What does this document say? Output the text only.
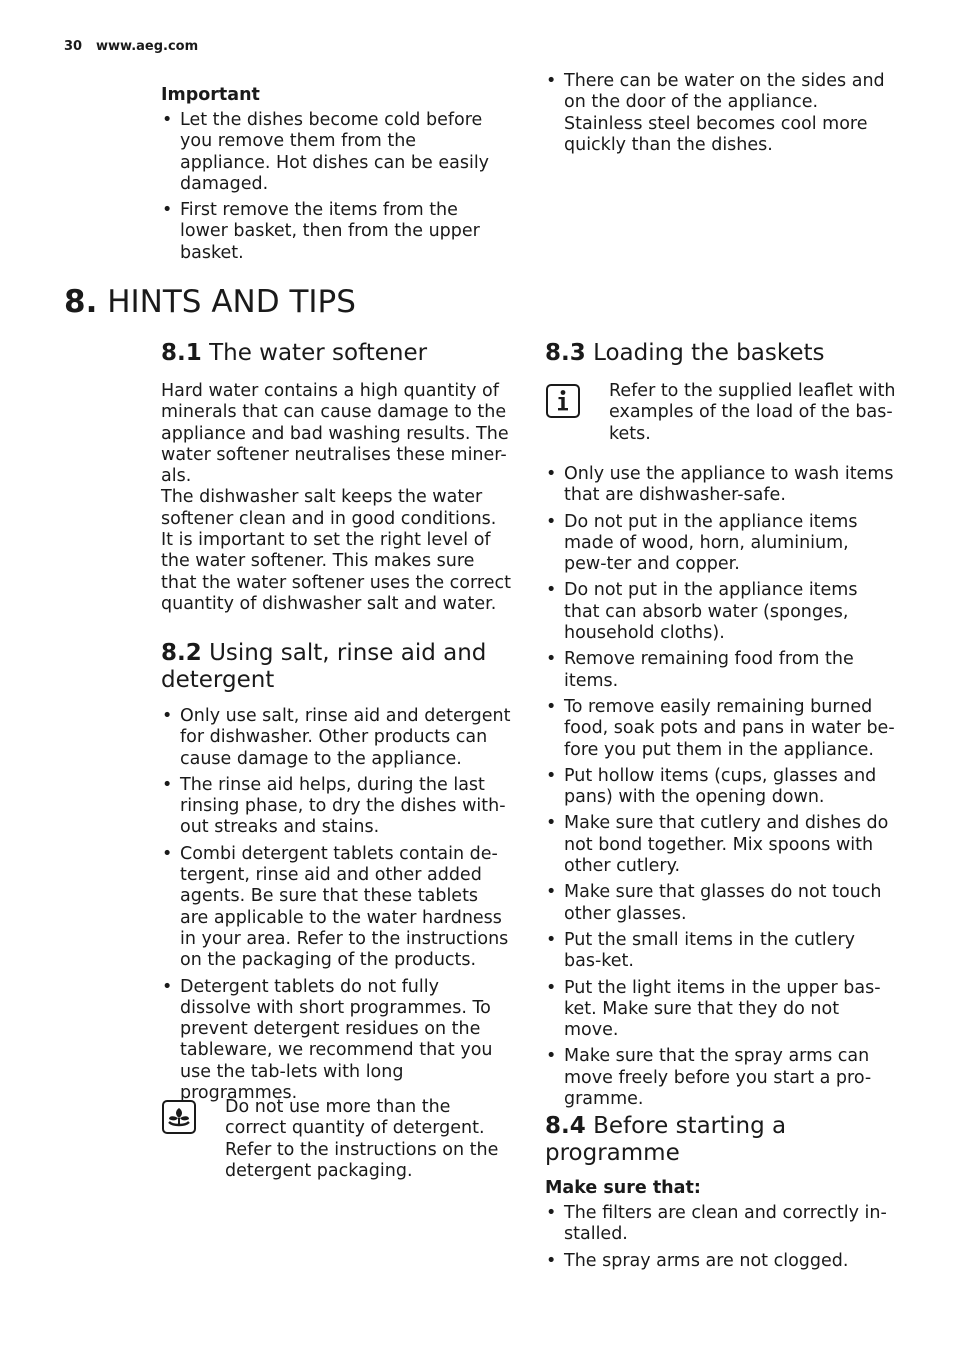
30 www.aeg.com
Important
• Let the dishes become cold before you remove them from the appliance. Hot dishes can be easily damaged.
• First remove the items from the lower basket, then from the upper basket.
• There can be water on the sides and on the door of the appliance. Stainless steel becomes cool more quickly than the dishes.
8. HINTS AND TIPS
8.1 The water softener

Hard water contains a high quantity of minerals that can cause damage to the appliance and bad washing results. The water softener neutralises these miner-als.

The dishwasher salt keeps the water softener clean and in good conditions. It is important to set the right level of the water softener. This makes sure that the water softener uses the correct quantity of dishwasher salt and water.

8.2 Using salt, rinse aid and detergent
• Only use salt, rinse aid and detergent for dishwasher. Other products can cause damage to the appliance.
• The rinse aid helps, during the last rinsing phase, to dry the dishes with-out streaks and stains.
• Combi detergent tablets contain de-tergent, rinse aid and other added agents. Be sure that these tablets are applicable to the water hardness in your area. Refer to the instructions on the packaging of the products.
• Detergent tablets do not fully dissolve with short programmes. To prevent detergent residues on the tableware, we recommend that you use the tab-lets with long programmes.
Do not use more than the correct quantity of detergent. Refer to the instructions on the detergent packaging.
8.3 Loading the baskets
Refer to the supplied leaflet with examples of the load of the bas-kets.
• Only use the appliance to wash items that are dishwasher-safe.
• Do not put in the appliance items made of wood, horn, aluminium, pew-ter and copper.
• Do not put in the appliance items that can absorb water (sponges, household cloths).
• Remove remaining food from the items.
• To remove easily remaining burned food, soak pots and pans in water be-fore you put them in the appliance.
• Put hollow items (cups, glasses and pans) with the opening down.
• Make sure that cutlery and dishes do not bond together. Mix spoons with other cutlery.
• Make sure that glasses do not touch other glasses.
• Put the small items in the cutlery bas-ket.
• Put the light items in the upper bas-ket. Make sure that they do not move.
• Make sure that the spray arms can move freely before you start a pro-gramme.
8.4 Before starting a programme
Make sure that:
• The filters are clean and correctly in-stalled.
• The spray arms are not clogged.
